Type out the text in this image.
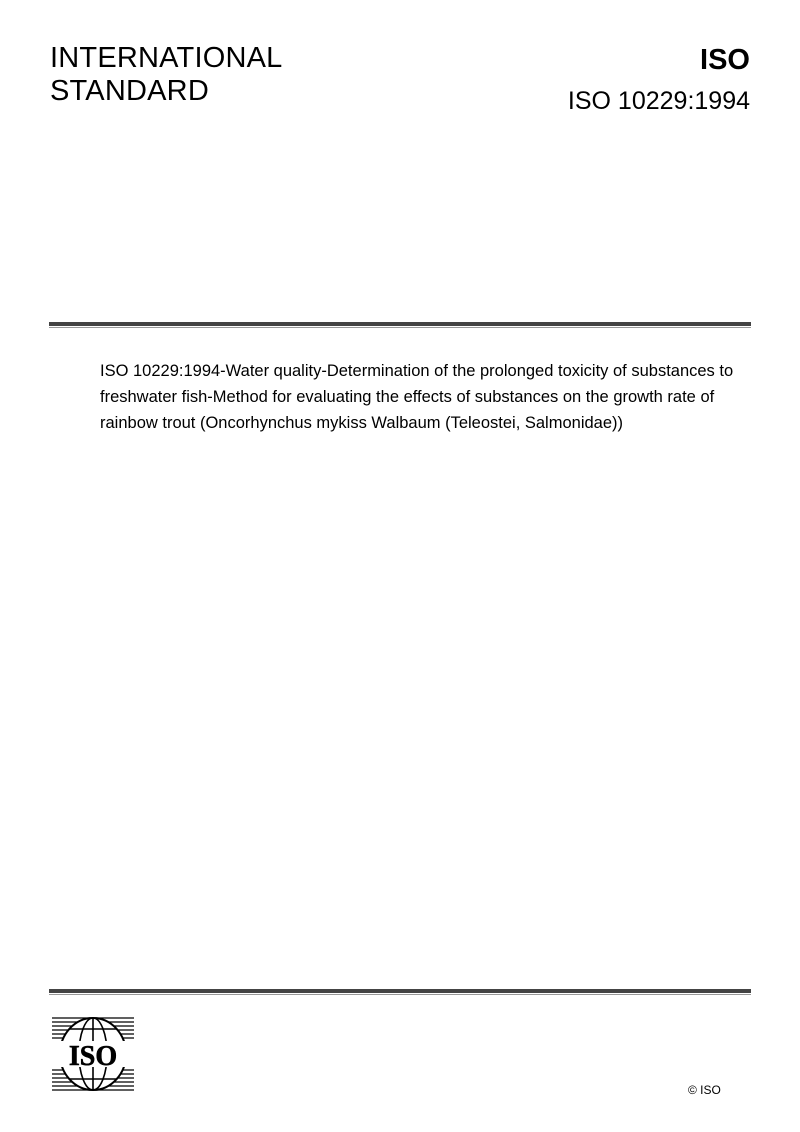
INTERNATIONAL
STANDARD
ISO
ISO 10229:1994
ISO 10229:1994-Water quality-Determination of the prolonged toxicity of substances to freshwater fish-Method for evaluating the effects of substances on the growth rate of rainbow trout (Oncorhynchus mykiss Walbaum (Teleostei, Salmonidae))
ISO
© ISO
